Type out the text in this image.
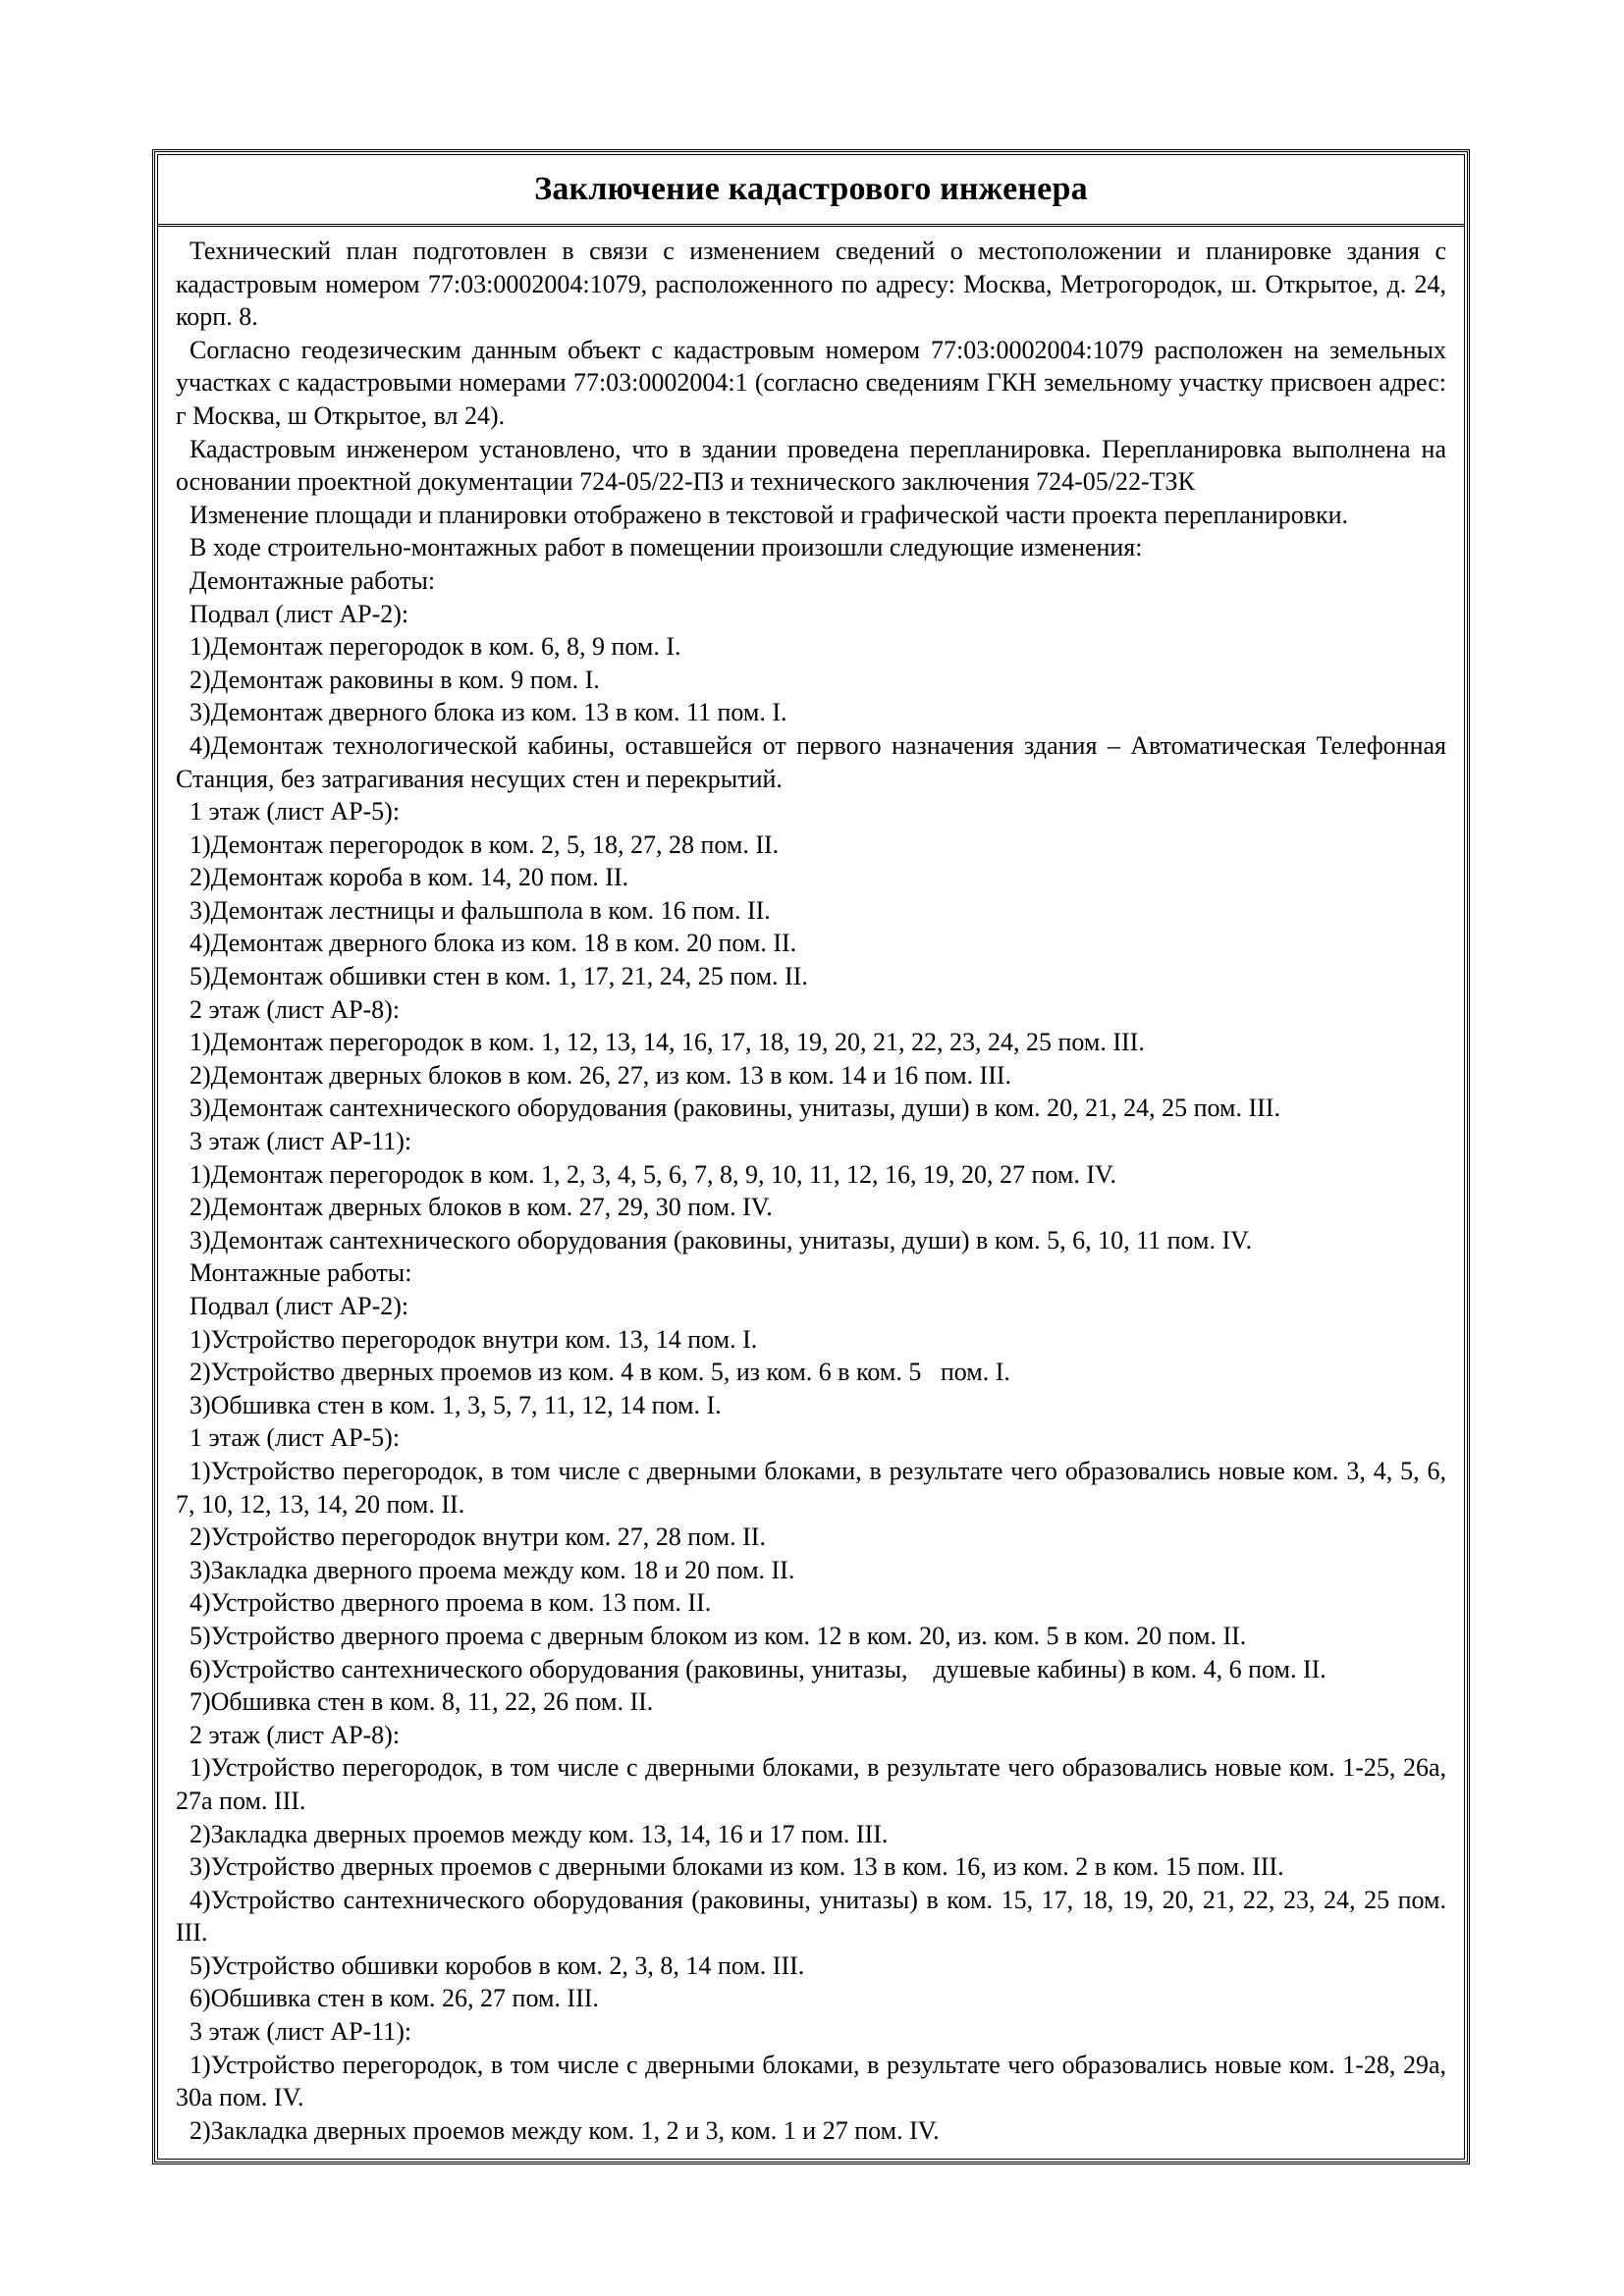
Заключение кадастрового инженера

Технический план подготовлен в связи с изменением сведений о местоположении и планировке здания с кадастровым номером 77:03:0002004:1079, расположенного по адресу: Москва, Метрогородок, ш. Открытое, д. 24, корп. 8.

Согласно геодезическим данным объект с кадастровым номером 77:03:0002004:1079 расположен на земельных участках с кадастровыми номерами 77:03:0002004:1 (согласно сведениям ГКН земельному участку присвоен адрес: г Москва, ш Открытое, вл 24).

Кадастровым инженером установлено, что в здании проведена перепланировка. Перепланировка выполнена на основании проектной документации 724-05/22-ПЗ и технического заключения 724-05/22-ТЗК

Изменение площади и планировки отображено в текстовой и графической части проекта перепланировки.

В ходе строительно-монтажных работ в помещении произошли следующие изменения:

Демонтажные работы:

Подвал (лист АР-2):

1)Демонтаж перегородок в ком. 6, 8, 9 пом. I.

2)Демонтаж раковины в ком. 9 пом. I.

3)Демонтаж дверного блока из ком. 13 в ком. 11 пом. I.

4)Демонтаж технологической кабины, оставшейся от первого назначения здания – Автоматическая Телефонная Станция, без затрагивания несущих стен и перекрытий.

1 этаж (лист АР-5):

1)Демонтаж перегородок в ком. 2, 5, 18, 27, 28 пом. II.

2)Демонтаж короба в ком. 14, 20 пом. II.

3)Демонтаж лестницы и фальшпола в ком. 16 пом. II.

4)Демонтаж дверного блока из ком. 18 в ком. 20 пом. II.

5)Демонтаж обшивки стен в ком. 1, 17, 21, 24, 25 пом. II.

2 этаж (лист АР-8):

1)Демонтаж перегородок в ком. 1, 12, 13, 14, 16, 17, 18, 19, 20, 21, 22, 23, 24, 25 пом. III.

2)Демонтаж дверных блоков в ком. 26, 27, из ком. 13 в ком. 14 и 16 пом. III.

3)Демонтаж сантехнического оборудования (раковины, унитазы, души) в ком. 20, 21, 24, 25 пом. III.

3 этаж (лист АР-11):

1)Демонтаж перегородок в ком. 1, 2, 3, 4, 5, 6, 7, 8, 9, 10, 11, 12, 16, 19, 20, 27 пом. IV.

2)Демонтаж дверных блоков в ком. 27, 29, 30 пом. IV.

3)Демонтаж сантехнического оборудования (раковины, унитазы, души) в ком. 5, 6, 10, 11 пом. IV.

Монтажные работы:

Подвал (лист АР-2):

1)Устройство перегородок внутри ком. 13, 14 пом. I.

2)Устройство дверных проемов из ком. 4 в ком. 5, из ком. 6 в ком. 5   пом. I.

3)Обшивка стен в ком. 1, 3, 5, 7, 11, 12, 14 пом. I.

1 этаж (лист АР-5):

1)Устройство перегородок, в том числе с дверными блоками, в результате чего образовались новые ком. 3, 4, 5, 6, 7, 10, 12, 13, 14, 20 пом. II.

2)Устройство перегородок внутри ком. 27, 28 пом. II.

3)Закладка дверного проема между ком. 18 и 20 пом. II.

4)Устройство дверного проема в ком. 13 пом. II.

5)Устройство дверного проема с дверным блоком из ком. 12 в ком. 20, из. ком. 5 в ком. 20 пом. II.

6)Устройство сантехнического оборудования (раковины, унитазы,    душевые кабины) в ком. 4, 6 пом. II.

7)Обшивка стен в ком. 8, 11, 22, 26 пом. II.

2 этаж (лист АР-8):

1)Устройство перегородок, в том числе с дверными блоками, в результате чего образовались новые ком. 1-25, 26а, 27а пом. III.

2)Закладка дверных проемов между ком. 13, 14, 16 и 17 пом. III.

3)Устройство дверных проемов с дверными блоками из ком. 13 в ком. 16, из ком. 2 в ком. 15 пом. III.

4)Устройство сантехнического оборудования (раковины, унитазы) в ком. 15, 17, 18, 19, 20, 21, 22, 23, 24, 25 пом. III.

5)Устройство обшивки коробов в ком. 2, 3, 8, 14 пом. III.

6)Обшивка стен в ком. 26, 27 пом. III.

3 этаж (лист АР-11):

1)Устройство перегородок, в том числе с дверными блоками, в результате чего образовались новые ком. 1-28, 29а, 30а пом. IV.

2)Закладка дверных проемов между ком. 1, 2 и 3, ком. 1 и 27 пом. IV.
